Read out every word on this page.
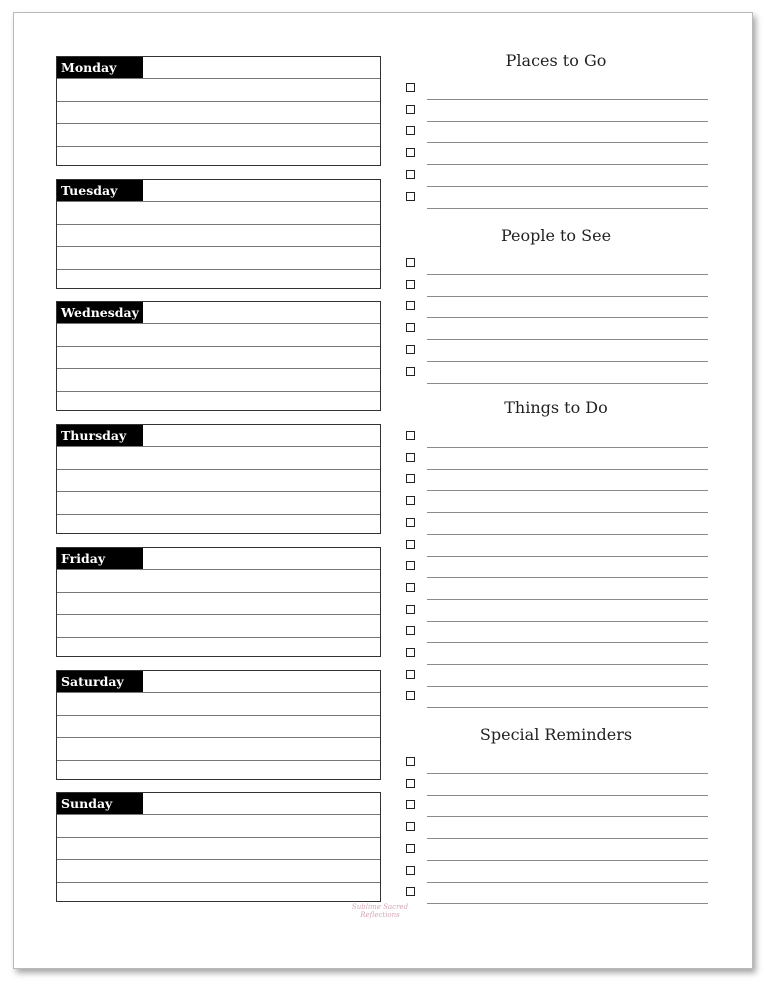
Monday
Tuesday
Wednesday
Thursday
Friday
Saturday
Sunday
Places to Go
People to See
Things to Do
Special Reminders
Sublime Sacred Reflections
